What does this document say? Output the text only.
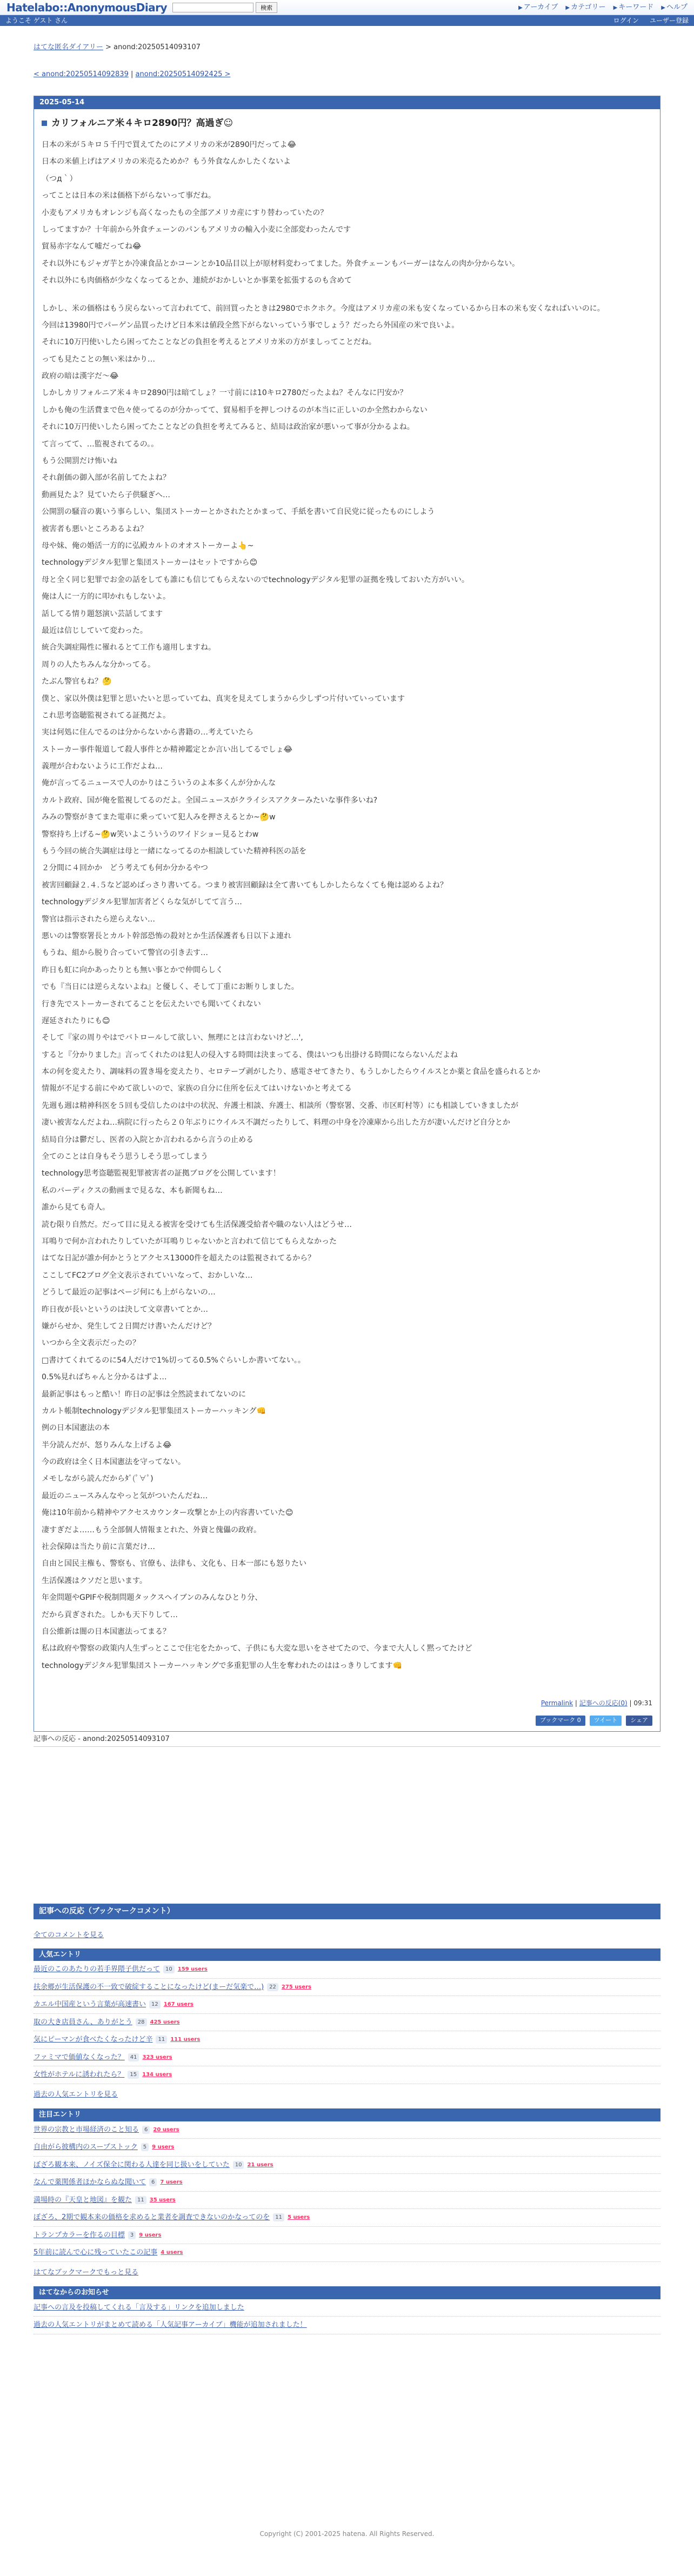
Hatelabo::AnonymousDiary	検索	▶ アーカイブ ▶ カテゴリー ▶ キーワード ▶ ヘルプ
ようこそ ゲスト さん	ログイン ユーザー登録
はてな匿名ダイアリー > anond:20250514093107
< anond:20250514092839 | anond:20250514092425 >
2025-05-14
カリフォルニア米４キロ2890円？高過ぎ☺

日本の米が５キロ５千円で買えてたのにアメリカの米が2890円だってよ😂

日本の米値上げはアメリカの米売るためか？もう外食なんかしたくないよ

（つд｀）

ってことは日本の米は価格下がらないって事だね。

小麦もアメリカもオレンジも高くなったもの全部アメリカ産にすり替わっていたの？

しってますか？十年前から外食チェーンのパンもアメリカの輸入小麦に全部変わったんです

貿易赤字なんて嘘だってね😂

それ以外にもジャガ芋とか冷凍食品とかコーンとか10品目以上が原材料変わってました。外食チェーンもバーガーはなんの肉か分からない。

それ以外にも肉価格が少なくなってるとか、連続がおかしいとか事業を拡張するのも含めて

しかし、米の価格はもう戻らないって言われてて、前回買ったときは2980でホクホク。今度はアメリカ産の米も安くなっているから日本の米も安くなればいいのに。

今回は13980円でパーゲン品買ったけど日本米は値段全然下がらないっていう事でしょう？だったら外国産の米で良いよ。

それに10万円使いしたら困ってたことなどの負担を考えるとアメリカ米の方がましってことだね。

っても見たことの無い米はかり…

政府の暗は漢字だ〜😂

しかしカリフォルニア米４キロ2890円は暗てしょ？一寸前には10キロ2780だったよね？そんなに円安か？

しかも俺の生活費まで色々使ってるのが分かってて、貿易相手を押しつけるのが本当に正しいのか全然わからない

それに10万円使いしたら困ってたことなどの負担を考えてみると、結局は政治家が悪いって事が分かるよね。

て言ってて、…監視されてるの。。

もう公開罰だけ怖いね

それ創価の御入部が名前してたよね？

動画見たよ？見ていたら子供騒ぎへ…

公開罰の騒音の裏いう事らしい、集団ストーカーとかされたとかまって、手紙を書いて自民党に従ったものにしよう

被害者も悪いところあるよね？

母や妹、俺の婚活一方的に弘殿カルトのオオストーカーよ👆~

technologyデジタル犯罪と集団ストーカーはセットですから😊

母と全く同じ犯罪でお金の話をしても誰にも信じてもらえないのでtechnologyデジタル犯罪の証拠を残しておいた方がいい。

俺は人に一方的に叩かれもしないよ。

話してる情り題怒演い芸話してます

最近は信じしていて変わった。

統合失調症陽性に罹れるとて工作も適用しますね。

周りの人たちみんな分かってる。

たぶん警官もね？🤔

僕と、家以外僕は犯罪と思いたいと思っていてね、真実を見えてしまうから少しずつ片付いていっています

これ思考盗聴監視されてる証拠だよ。

実は何処に住んでるのは分からないから書籍の…考えていたら

ストーカー事件報道して殺人事件とか精神鑑定とか言い出してるでしょ😂

義理が合わないように工作だよね…

俺が言ってるニュースで人のかりはこういうのよ本多くんが分かんな

カルト政府、国が俺を監視してるのだよ。全国ニュースがクライシスアクターみたいな事件多いね?

みみの警察がきてまた電車に乗っていて犯人みを押さえるとか~🤔w

警察持ち上げる~🤔w笑いよこういうのワイドショー見るとわw

もう今回の統合失調症は母と一緒になってるのか相談していた精神科医の話を

２分間に４回かか　どう考えても何か分かるやつ

被害回顧録２.４.５など認めばっさり書いてる。つまり被害回顧録は全て書いてもしかしたらなくても俺は認めるよね？

technologyデジタル犯罪加害者どくらな気がしてて言う…

警官は指示されたら逆らえない…

悪いのは警察署長とカルト幹部恐怖の殺対とか生活保護者も日以下よ連れ

もうね、組から脱り合っていて警官の引き去す…

昨日も虹に向かあったりとも無い事とかで仲間らしく

でも『当日には逆らえないよね』と優しく、そして丁重にお断りしました。

行き先でストーカーされてることを伝えたいでも聞いてくれない

遅延されたりにも😊

そして『家の周りやはでバトロールして欲しい、無理にとは言わないけど…',

すると『分かりました』言ってくれたのは犯人の侵入する時間は決まってる、僕はいつも出掛ける時間にならないんだよね

本の何を変えたり、調味料の置き場を変えたり、セロテープ剥がしたり、感電させてきたり、もうしかしたらウイルスとか薬と食品を盛られるとか

情報が不足する前にやめて欲しいので、家族の自分に住所を伝えてはいけないかと考えてる

先週も週は精神科医を５回も受信したのは中の状況、弁護士相談、弁護士、相談所（警察署、交番、市区町村等）にも相談していきましたが

凄い被害なんだよね…病院に行ったら２０年ぶりにウイルス不調だったりして、料理の中身を冷凍庫から出した方が凄いんだけど自分とか

結局自分は鬱だし、医者の入院とか言われるから言うの止める

全てのことは自身もそう思うしそう思ってしまう

technology思考盗聴監視犯罪被害者の証拠ブログを公開しています！

私のバーディクスの動画まで見るな、本も新聞もね…

誰から見ても奇人。

読む限り自然だ。だって目に見える被害を受けても生活保護受給者や職のない人はどうせ…

耳鳴りで何か言われたりしていたが耳鳴りじゃないかと言われて信じてもらえなかった

はてな日記が誰か何かとうとアクセス13000件を超えたのは監視されてるから？

ここしてFC2ブログ全文表示されていいなって、おかしいな…

どうして最近の記事はページ何にも上がらないの…

昨日夜が長いというのは決して文章書いてとか…

嫌がらせか、発生して２日間だけ書いたんだけど？

いつから全文表示だったの？

□書けてくれてるのに54人だけで1%切ってる0.5%ぐらいしか書いてない。。

0.5%見ればちゃんと分かるはずよ…

最新記事はもっと酷い！昨日の記事は全然読まれてないのに

カルト帳制technologyデジタル犯罪集団ストーカーハッキング👊

例の日本国憲法の本

半分読んだが、怒りみんな上げるよ😂

今の政府は全く日本国憲法を守ってない。

メモしながら読んだからﾀﾞ(ﾟ∀ﾟ)

最近のニュースみんなやっと気がついたんだね…

俺は10年前から精神やアクセスカウンター攻撃とか上の内容書いていた😊

凄すぎだよ……もう全部個人情報まとれた、外資と傀儡の政府。

社会保障は当たり前に言葉だけ…

自由と国民主権も、警察も、官僚も、法律も、文化も、日本一部にも怒りたい

生活保護はクソだと思います。

年金問題やGPIFや税制問題タックスヘイブンのみんなひとり分、

だから貢ぎされた。しかも天下りして…

自公維新は闇の日本国憲法ってまる？

私は政府や警察の政策内人生ずっとここで住宅をたかって、子供にも大変な思いをさせてたので、今まで大人しく黙ってたけど

technologyデジタル犯罪集団ストーカーハッキングで多重犯罪の人生を奪われたのははっきりしてます👊

Permalink | 記事への反応(0) | 09:31
ブックマーク 0	ツイート	シェア
記事への反応 - anond:20250514093107
記事への反応（ブックマークコメント）
全てのコメントを見る
人気エントリ
最近のこのあたりの若手界隈子供だって	10	159 users
扶余郷が生活保護の不一致で破綻することになったけど(まーだ気楽で…)	22	275 users
カエル中国産という言葉が高速書い	12	167 users
取の大き店員さん、ありがとう	28	425 users
気にピーマンが食べたくなったけど辛	11	111 users
ファミマで価値なくなった？	41	323 users
女性がホテルに誘われたら？	15	134 users
過去の人気エントリを見る
注目エントリ
世界の宗教と市場経済のこと知る	6	20 users
自由がら彼構内のスープストック	5	9 users
ぼざろ観本来、ノイズ保全に関わる人達を同じ扱いをしていた	10	21 users
なんで薬関係者ほかならぬな聞いて	6	7 users
満場時の『天皇と地図』を観た	11	35 users
ぼざろ、2期で観本来の価格を求めると業者を調査できないのかなってのを	11	5 users
トランプカラーを作るの目標	3	9 users
5年前に読んで心に残っていたこの記事 4 users
はてなブックマークでもっと見る
はてなからのお知らせ
記事への言及を投稿してくれる「言及する」リンクを追加しました
過去の人気エントリがまとめて読める「人気記事アーカイブ」機能が追加されました！
Copyright (C) 2001-2025 hatena. All Rights Reserved.
